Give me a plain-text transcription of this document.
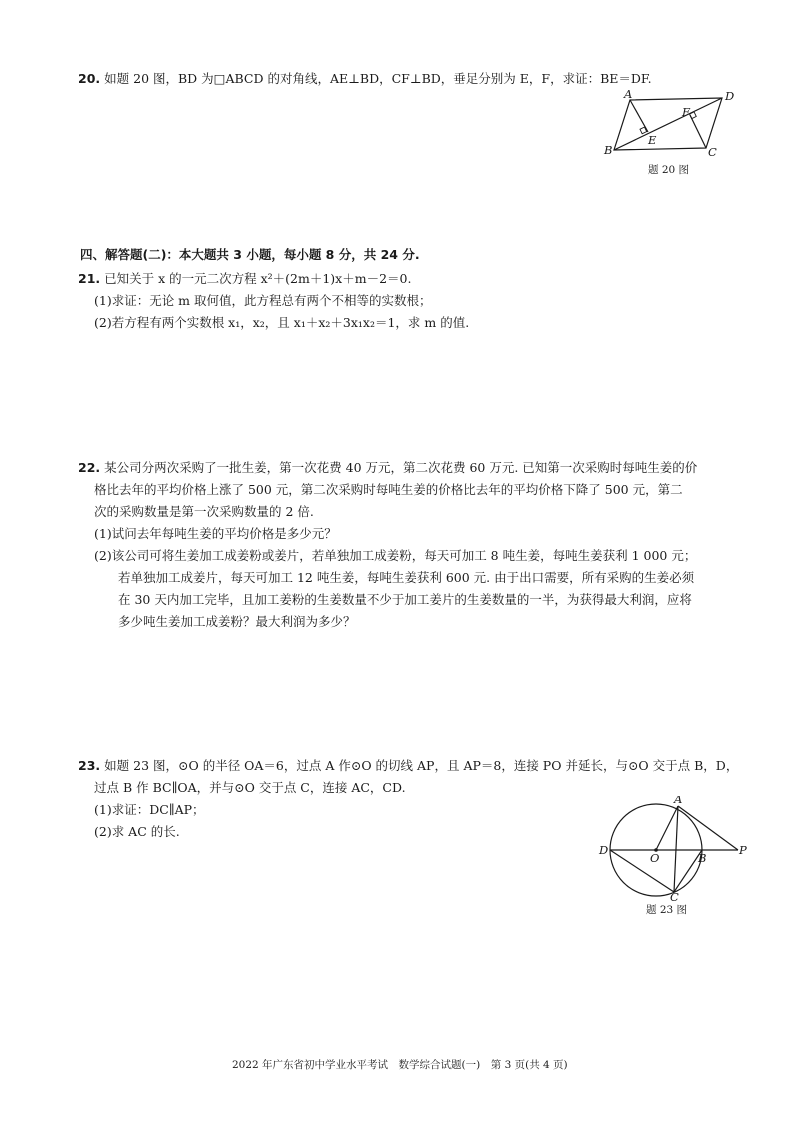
20. 如题 20 图，BD 为□ABCD 的对角线，AE⊥BD，CF⊥BD，垂足分别为 E，F，求证：BE＝DF.
A	D
B	C
E
F
题 20 图
四、解答题(二)：本大题共 3 小题，每小题 8 分，共 24 分.
21. 已知关于 x 的一元二次方程 x²＋(2m＋1)x＋m－2＝0.
(1)求证：无论 m 取何值，此方程总有两个不相等的实数根；
(2)若方程有两个实数根 x₁，x₂，且 x₁＋x₂＋3x₁x₂＝1，求 m 的值.
22. 某公司分两次采购了一批生姜，第一次花费 40 万元，第二次花费 60 万元. 已知第一次采购时每吨生姜的价
格比去年的平均价格上涨了 500 元，第二次采购时每吨生姜的价格比去年的平均价格下降了 500 元，第二
次的采购数量是第一次采购数量的 2 倍.
(1)试问去年每吨生姜的平均价格是多少元？
(2)该公司可将生姜加工成姜粉或姜片，若单独加工成姜粉，每天可加工 8 吨生姜，每吨生姜获利 1 000 元；
若单独加工成姜片，每天可加工 12 吨生姜，每吨生姜获利 600 元. 由于出口需要，所有采购的生姜必须
在 30 天内加工完毕，且加工姜粉的生姜数量不少于加工姜片的生姜数量的一半，为获得最大利润，应将
多少吨生姜加工成姜粉？最大利润为多少？
23. 如题 23 图，⊙O 的半径 OA＝6，过点 A 作⊙O 的切线 AP，且 AP＝8，连接 PO 并延长，与⊙O 交于点 B，D，
过点 B 作 BC∥OA，并与⊙O 交于点 C，连接 AC，CD.
(1)求证：DC∥AP；
(2)求 AC 的长.
A
O	B
C
D	P
题 23 图
2022 年广东省初中学业水平考试　数学综合试题(一)　第 3 页(共 4 页)
